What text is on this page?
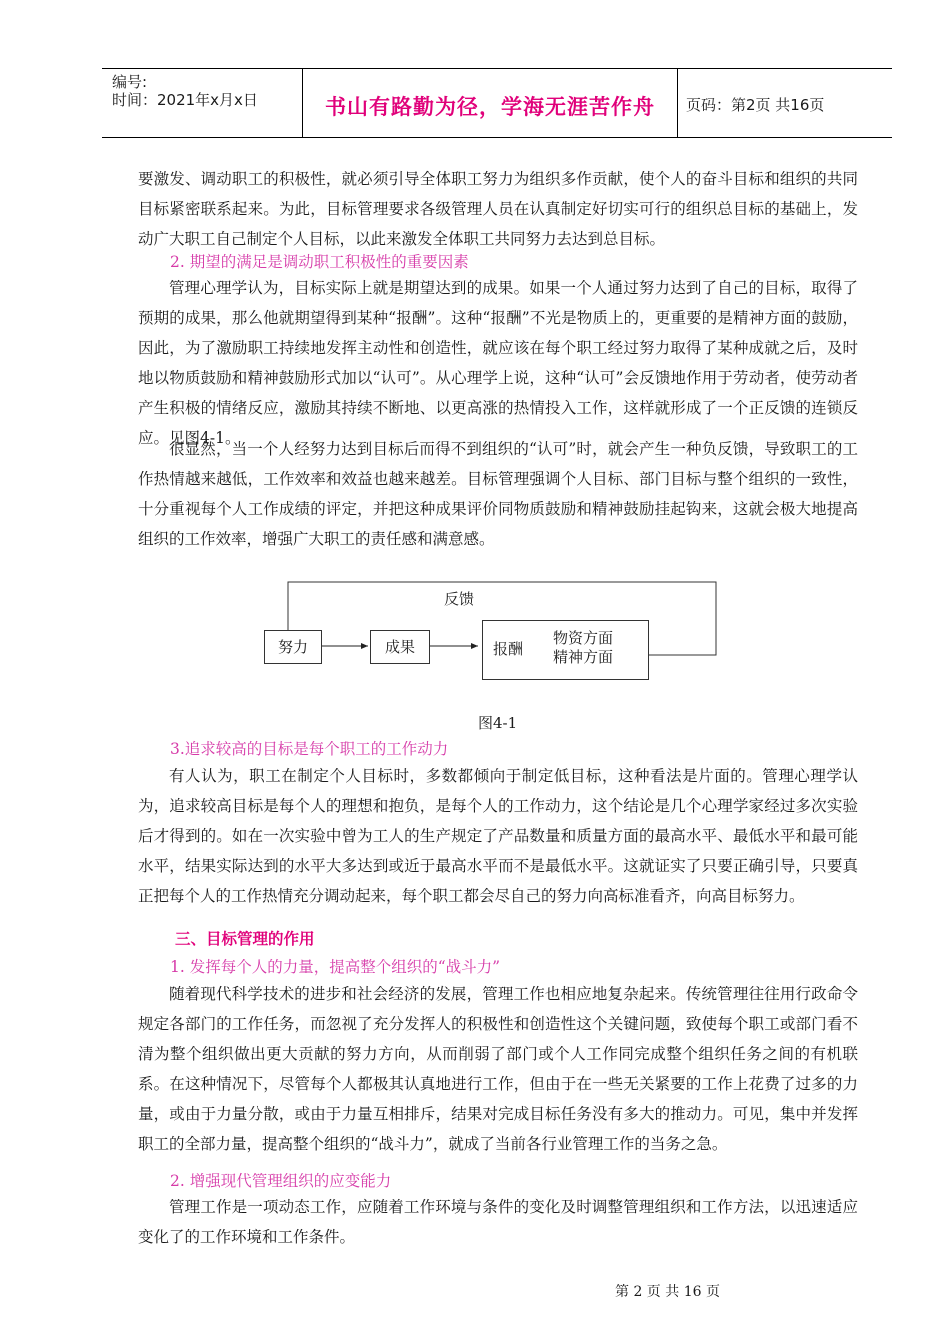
编号:
时间：2021年x月x日	书山有路勤为径，学海无涯苦作舟	页码：第2页 共16页

要激发、调动职工的积极性，就必须引导全体职工努力为组织多作贡献，使个人的奋斗目标和组织的共同目标紧密联系起来。为此，目标管理要求各级管理人员在认真制定好切实可行的组织总目标的基础上，发动广大职工自己制定个人目标，以此来激发全体职工共同努力去达到总目标。

2. 期望的满足是调动职工积极性的重要因素

管理心理学认为，目标实际上就是期望达到的成果。如果一个人通过努力达到了自己的目标，取得了预期的成果，那么他就期望得到某种“报酬”。这种“报酬”不光是物质上的，更重要的是精神方面的鼓励，因此，为了激励职工持续地发挥主动性和创造性，就应该在每个职工经过努力取得了某种成就之后，及时地以物质鼓励和精神鼓励形式加以“认可”。从心理学上说，这种“认可”会反馈地作用于劳动者，使劳动者产生积极的情绪反应，激励其持续不断地、以更高涨的热情投入工作，这样就形成了一个正反馈的连锁反应。见图4-1。

很显然，当一个人经努力达到目标后而得不到组织的“认可”时，就会产生一种负反馈，导致职工的工作热情越来越低，工作效率和效益也越来越差。目标管理强调个人目标、部门目标与整个组织的一致性，十分重视每个人工作成绩的评定，并把这种成果评价同物质鼓励和精神鼓励挂起钩来，这就会极大地提高组织的工作效率，增强广大职工的责任感和满意感。

反馈
努力	成果	报酬
物资方面
精神方面
图4-1

3.追求较高的目标是每个职工的工作动力

有人认为，职工在制定个人目标时，多数都倾向于制定低目标，这种看法是片面的。管理心理学认为，追求较高目标是每个人的理想和抱负，是每个人的工作动力，这个结论是几个心理学家经过多次实验后才得到的。如在一次实验中曾为工人的生产规定了产品数量和质量方面的最高水平、最低水平和最可能水平，结果实际达到的水平大多达到或近于最高水平而不是最低水平。这就证实了只要正确引导，只要真正把每个人的工作热情充分调动起来，每个职工都会尽自己的努力向高标准看齐，向高目标努力。

三、目标管理的作用

1. 发挥每个人的力量，提高整个组织的“战斗力”

随着现代科学技术的进步和社会经济的发展，管理工作也相应地复杂起来。传统管理往往用行政命令规定各部门的工作任务，而忽视了充分发挥人的积极性和创造性这个关键问题，致使每个职工或部门看不清为整个组织做出更大贡献的努力方向，从而削弱了部门或个人工作同完成整个组织任务之间的有机联系。在这种情况下，尽管每个人都极其认真地进行工作，但由于在一些无关紧要的工作上花费了过多的力量，或由于力量分散，或由于力量互相排斥，结果对完成目标任务没有多大的推动力。可见，集中并发挥职工的全部力量，提高整个组织的“战斗力”，就成了当前各行业管理工作的当务之急。

2. 增强现代管理组织的应变能力

管理工作是一项动态工作，应随着工作环境与条件的变化及时调整管理组织和工作方法，以迅速适应变化了的工作环境和工作条件。

第 2 页 共 16 页
